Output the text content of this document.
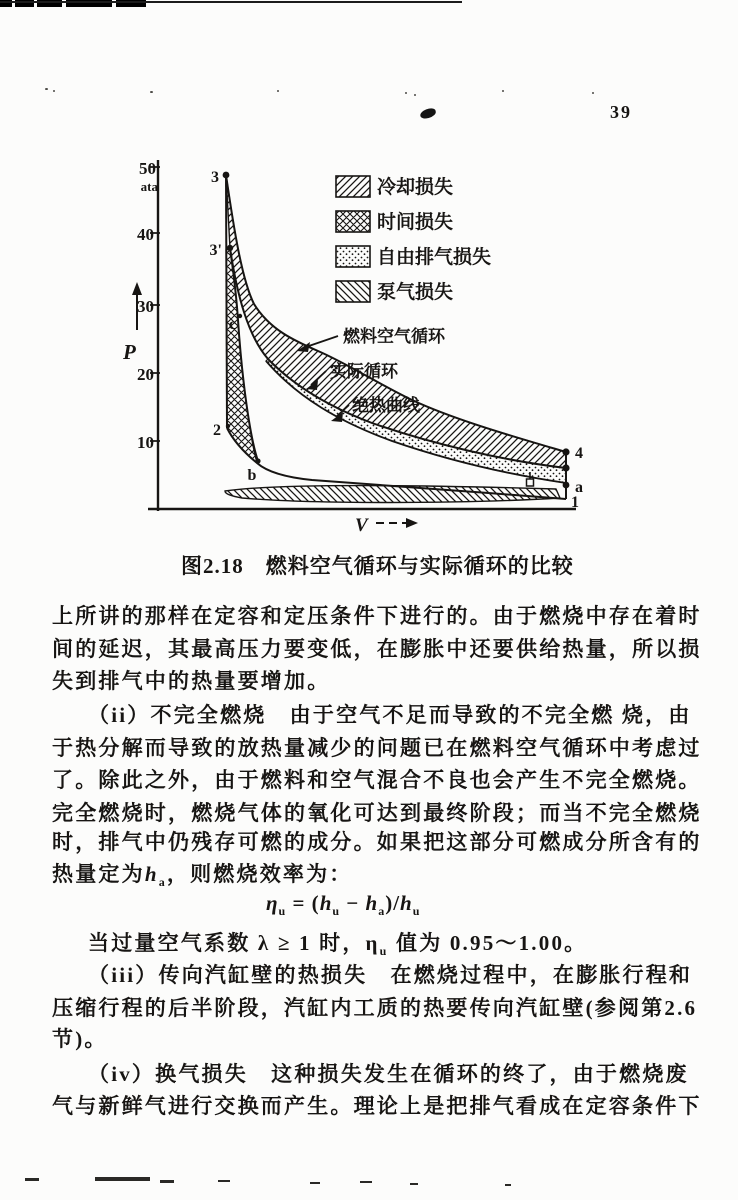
39
3
3'
c
2
b
4
a
1
50
ata
40
30
20
10
P
V
冷却损失
时间损失
自由排气损失
泵气损失
燃料空气循环
实际循环
绝热曲线
图2.18　燃料空气循环与实际循环的比较
上所讲的那样在定容和定压条件下进行的。由于燃烧中存在着时
间的延迟，其最高压力要变低，在膨胀中还要供给热量，所以损
失到排气中的热量要增加。
（ii）不完全燃烧　由于空气不足而导致的不完全燃 烧，由
于热分解而导致的放热量减少的问题已在燃料空气循环中考虑过
了。除此之外，由于燃料和空气混合不良也会产生不完全燃烧。
完全燃烧时，燃烧气体的氧化可达到最终阶段；而当不完全燃烧
时，排气中仍残存可燃的成分。如果把这部分可燃成分所含有的
热量定为$h_a$，则燃烧效率为：
$\eta_u = (h_u - h_a)/h_u$
当过量空气系数 λ ≥ 1 时，$\eta_u$ 值为 0.95～1.00。
（iii）传向汽缸壁的热损失　在燃烧过程中，在膨胀行程和
压缩行程的后半阶段，汽缸内工质的热要传向汽缸壁(参阅第2.6
节)。
（iv）换气损失　这种损失发生在循环的终了，由于燃烧废
气与新鲜气进行交换而产生。理论上是把排气看成在定容条件下
